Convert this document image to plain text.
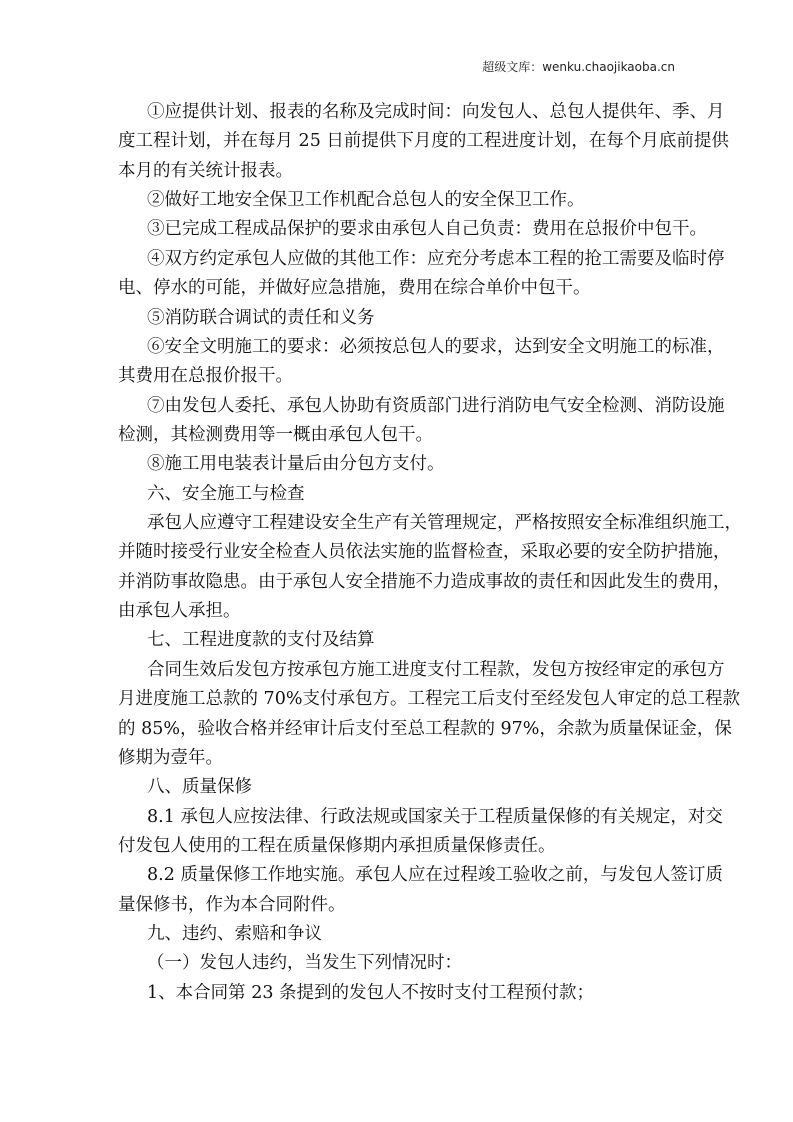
超级文库：wenku.chaojikaoba.cn
①应提供计划、报表的名称及完成时间：向发包人、总包人提供年、季、月
度工程计划，并在每月 25 日前提供下月度的工程进度计划，在每个月底前提供
本月的有关统计报表。
②做好工地安全保卫工作机配合总包人的安全保卫工作。
③已完成工程成品保护的要求由承包人自己负责：费用在总报价中包干。
④双方约定承包人应做的其他工作：应充分考虑本工程的抢工需要及临时停
电、停水的可能，并做好应急措施，费用在综合单价中包干。
⑤消防联合调试的责任和义务
⑥安全文明施工的要求：必须按总包人的要求，达到安全文明施工的标准，
其费用在总报价报干。
⑦由发包人委托、承包人协助有资质部门进行消防电气安全检测、消防设施
检测，其检测费用等一概由承包人包干。
⑧施工用电装表计量后由分包方支付。
六、安全施工与检查
承包人应遵守工程建设安全生产有关管理规定，严格按照安全标准组织施工，
并随时接受行业安全检查人员依法实施的监督检查，采取必要的安全防护措施，
并消防事故隐患。由于承包人安全措施不力造成事故的责任和因此发生的费用，
由承包人承担。
七、工程进度款的支付及结算
合同生效后发包方按承包方施工进度支付工程款，发包方按经审定的承包方
月进度施工总款的 70%支付承包方。工程完工后支付至经发包人审定的总工程款
的 85%，验收合格并经审计后支付至总工程款的 97%，余款为质量保证金，保
修期为壹年。
八、质量保修
8.1 承包人应按法律、行政法规或国家关于工程质量保修的有关规定，对交
付发包人使用的工程在质量保修期内承担质量保修责任。
8.2 质量保修工作地实施。承包人应在过程竣工验收之前，与发包人签订质
量保修书，作为本合同附件。
九、违约、索赔和争议
（一）发包人违约，当发生下列情况时：
1、本合同第 23 条提到的发包人不按时支付工程预付款；
